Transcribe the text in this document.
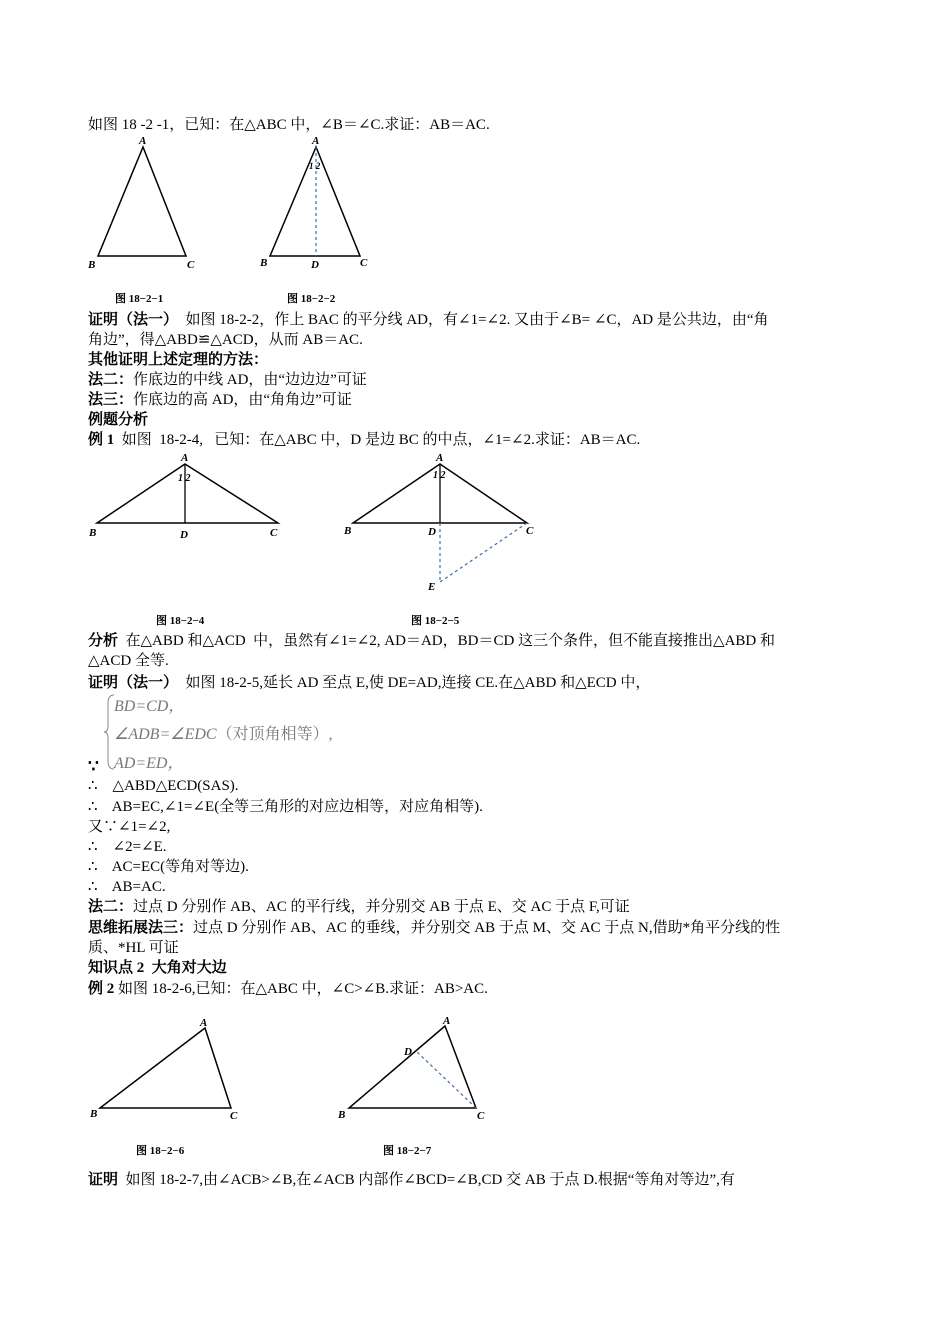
如图 18 -2 -1，已知：在△ABC 中，∠B＝∠C.求证：AB＝AC.
A
B	C
图 18−2−1
A
1 2
B	D	C
图 18−2−2
证明（法一）  如图 18-2-2，作上 BAC 的平分线 AD，有∠1=∠2. 又由于∠B= ∠C，AD 是公共边，由“角
角边”，得△ABD≌△ACD，从而 AB＝AC.
其他证明上述定理的方法：
法二：作底边的中线 AD，由“边边边”可证
法三：作底边的高 AD，由“角角边”可证
例题分析
例 1  如图  18-2-4,   已知：在△ABC 中，D 是边 BC 的中点，∠1=∠2.求证：AB＝AC.
A
1 2
B	D	C
图 18−2−4
A
1 2
B	D	C
E
图 18−2−5
分析  在△ABD 和△ACD  中，虽然有∠1=∠2, AD＝AD，BD＝CD 这三个条件，但不能直接推出△ABD 和
△ACD 全等.
证明（法一）  如图 18-2-5,延长 AD 至点 E,使 DE=AD,连接 CE.在△ABD 和△ECD 中，
BD=CD，
∠ADB=∠EDC（对顶角相等）,
AD=ED，
∵
∴    △ABD△ECD(SAS).
∴    AB=EC,∠1=∠E(全等三角形的对应边相等，对应角相等).
又∵∠1=∠2,
∴    ∠2=∠E.
∴    AC=EC(等角对等边).
∴    AB=AC.
法二：过点 D 分别作 AB、AC 的平行线，并分别交 AB 于点 E、交 AC 于点 F,可证
思维拓展法三：过点 D 分别作 AB、AC 的垂线，并分别交 AB 于点 M、交 AC 于点 N,借助*角平分线的性
质、*HL 可证
知识点 2  大角对大边
例 2 如图 18-2-6,已知：在△ABC 中，∠C>∠B.求证：AB>AC.
A
B	C
图 18−2−6
A
D
B	C
图 18−2−7
证明  如图 18-2-7,由∠ACB>∠B,在∠ACB 内部作∠BCD=∠B,CD 交 AB 于点 D.根据“等角对等边”,有
